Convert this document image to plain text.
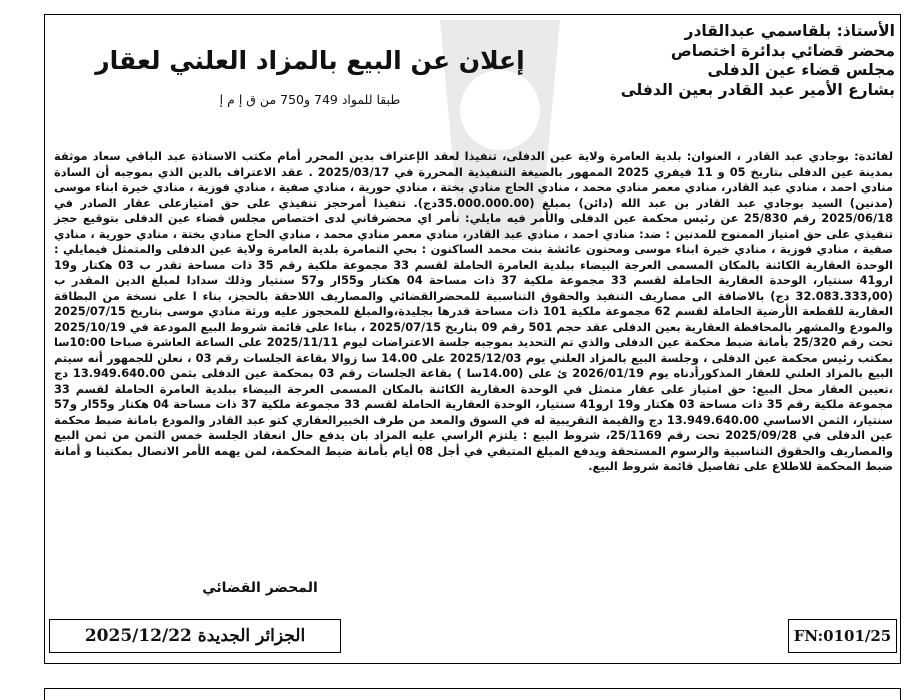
الأستاذ: بلقاسمي عبدالقادر
محضر قضائي بدائرة اختصاص
مجلس قضاء عين الدفلى
بشارع الأمير عبد القادر بعين الدفلى
إعلان عن البيع بالمزاد العلني لعقار
طبقا للمواد 749 و750 من ق إ م إ

لفائدة: بوجادي عبد القادر ، العنوان: بلدية العامرة ولاية عين الدفلى، تنفيذا لعقد الإعتراف بدين المحرر أمام مكتب الاستاذة عبد الباقي سعاد موثقة بمدينة عين الدفلى بتاريخ 05 و 11 فيفري 2025 الممهور بالصيغة التنفيذية المحررة في 2025/03/17 . عقد الاعتراف بالدين الذي بموجبه أن السادة منادي احمد ، منادي عبد القادر، منادي معمر منادي محمد ، منادي الحاج منادي بختة ، منادي حورية ، منادي صفية ، منادي فوزية ، منادي خيرة ابناء موسى (مدنين) السيد بوجادي عبد القادر بن عبد الله (دائن) بمبلغ (35.000.000.00دج). تنفيذا أمرحجز تنفيذي على حق امتيازعلى عقار الصادر في 2025/06/18 رقم 25/830 عن رئيس محكمة عين الدفلى والأمر فيه مايلي: نأمر اي محضرقاني لدى اختصاص مجلس قضاء عين الدفلى بتوقيع حجز تنفيذي على حق امتياز الممنوح للمدنين : ضد: منادي احمد ، منادي عبد القادر، منادي معمر منادي محمد ، منادي الحاج منادي بختة ، منادي حورية ، منادي صفية ، منادي فوزية ، منادي خيرة ابناء موسى ومحنون عائشة بنت محمد الساكنون : بحي التمامرة بلدية العامرة ولاية عين الدفلى والمتمثل فيمايلي : الوحدة العقارية الكائنة بالمكان المسمى العرجة البيضاء ببلدية العامرة الحاملة لقسم 33 مجموعة ملكية رقم 35 ذات مساحة تقدر ب 03 هكتار و19 ارو41 سنتيار، الوحدة العقارية الحاملة لقسم 33 مجموعة ملكية 37 ذات مساحة 04 هكتار و55ار و57 سنتيار وذلك سدادا لمبلغ الدين المقدر ب (32.083.333,00 دج) بالاضافة الى مصاريف التنفيذ والحقوق التناسبية للمحضرالقضائي والمصاريف اللاحقة بالحجز، بناء ا على نسخة من البطاقة العقارية للقطعة الأرضية الحاملة لقسم 62 مجموعة ملكية 101 ذات مساحة قدرها بجليدة،والمبلغ للمحجوز عليه ورثة منادي موسى بتاريخ 2025/07/15 والمودع والمشهر بالمحافظة العقارية بعين الدفلى عقد حجم 501 رقم 09 بتاريخ 2025/07/15 ، بناءا على قائمة شروط البيع المودعة في 2025/10/19 تحت رقم 25/320 بأمانة ضبط محكمة عين الدفلى والذي تم التحديد بموجبه جلسة الاعتراضات ليوم 2025/11/11 على الساعة العاشرة صباحا 10:00سا بمكتب رئيس محكمة عين الدفلى ، وجلسة البيع بالمزاد العلني يوم 2025/12/03 على 14.00 سا زوالا بقاعة الجلسات رقم 03 ، نعلن للجمهور أنه سيتم البيع بالمزاد العلني للعقار المذكورأدناه يوم 2026/01/19 ئ على (14.00سا ) بقاعة الجلسات رقم 03 بمحكمة عين الدفلى بثمن 13.949.640.00 دج ،تعيين العقار محل البيع: حق امتياز على عقار متمثل في الوحدة العقارية الكائنة بالمكان المسمى العرجة البيضاء ببلدية العامرة الحاملة لقسم 33 مجموعة ملكية رقم 35 ذات مساحة 03 هكتار و19 ارو41 سنتيار، الوحدة العقارية الحاملة لقسم 33 مجموعة ملكية 37 ذات مساحة 04 هكتار و55ار و57 سنتيار، الثمن الاساسي 13.949.640.00 دج والقيمة التقريبية له في السوق والمعد من طرف الخبيرالعقاري كتو عبد القادر والمودع بامانة ضبط محكمة عين الدفلى في 2025/09/28 تحت رقم 25/1169، شروط البيع : يلتزم الراسي عليه المزاد بان يدفع حال انعقاد الجلسة خمس الثمن من ثمن البيع والمصاريف والحقوق التناسبية والرسوم المستحقة ويدفع المبلغ المتبقي في أجل 08 أيام بأمانة ضبط المحكمة، لمن يهمه الأمر الاتصال بمكتبنا و أمانة ضبط المحكمة للاطلاع على تفاصيل قائمة شروط البيع.

المحضر القضائي
الجزائر الجديدة 2025/12/22	FN:0101/25
